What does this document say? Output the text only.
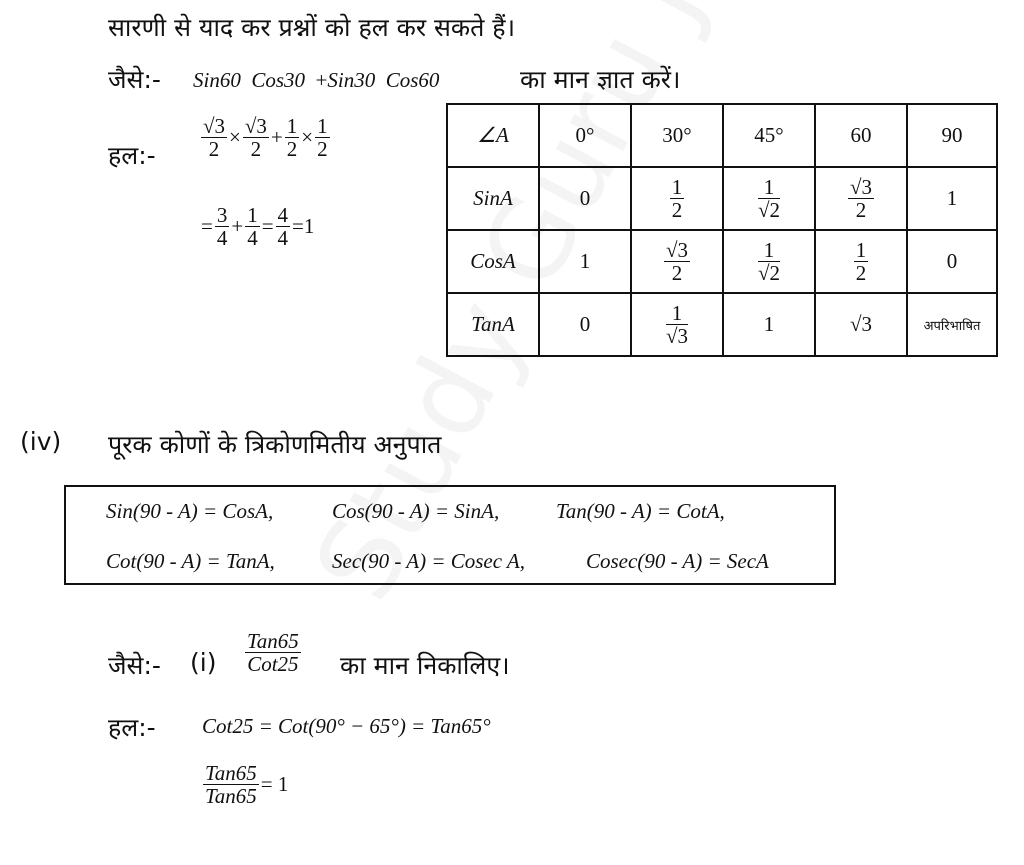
सारणी से याद कर प्रश्नों को हल कर सकते हैं।
जैसे:- Sin60 Cos30 +Sin30 Cos60	का मान ज्ञात करें।
हल:- $\frac{√3}{2} \times \frac{√3}{2} + \frac{1}{2} \times \frac{1}{2}$
= $\frac{3}{4} + \frac{1}{4} = \frac{4}{4} =1$
∠A	0°	30°	45°	60	90
SinA	0	$\frac{1}{2}$	$\frac{1}{√2}$	$\frac{√3}{2}$	1
CosA	1	$\frac{√3}{2}$	$\frac{1}{√2}$	$\frac{1}{2}$	0
TanA	0	$\frac{1}{√3}$	1	√3	अपरिभाषित
(iv) पूरक कोणों के त्रिकोणमितीय अनुपात
Sin(90 - A) = CosA,	Cos(90 - A) = SinA,	Tan(90 - A) = CotA,
Cot(90 - A) = TanA,	Sec(90 - A) = Cosec A,	Cosec(90 - A) = SecA
जैसे:- $(i) \frac{\text{Tan65}}{\text{Cot25}}$ का मान निकालिए।
हल:- Cot25 = Cot(90° − 65°) = Tan65°
$\frac{\text{Tan65}}{\text{Tan65}} = 1$
